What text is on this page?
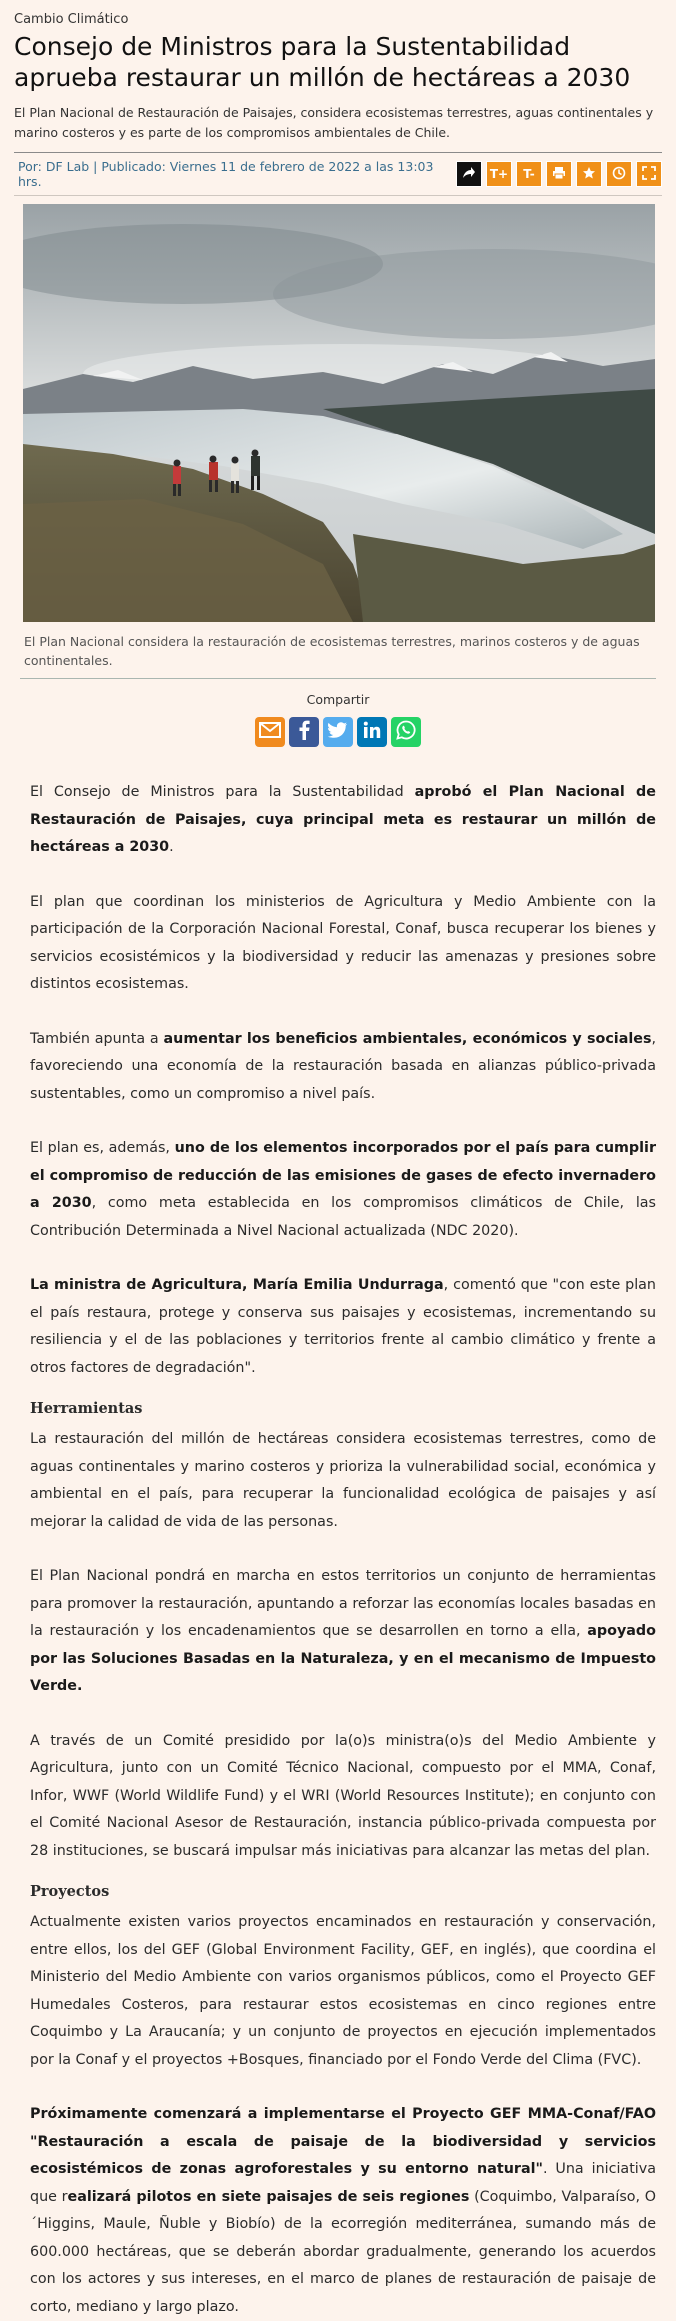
Cambio Climático

Consejo de Ministros para la Sustentabilidad aprueba restaurar un millón de hectáreas a 2030

El Plan Nacional de Restauración de Paisajes, considera ecosistemas terrestres, aguas continentales y marino costeros y es parte de los compromisos ambientales de Chile.

Por: DF Lab | Publicado: Viernes 11 de febrero de 2022 a las 13:03 hrs.	T+	T-

El Plan Nacional considera la restauración de ecosistemas terrestres, marinos costeros y de aguas continentales.

Compartir

El Consejo de Ministros para la Sustentabilidad aprobó el Plan Nacional de Restauración de Paisajes, cuya principal meta es restaurar un millón de hectáreas a 2030.

El plan que coordinan los ministerios de Agricultura y Medio Ambiente con la participación de la Corporación Nacional Forestal, Conaf, busca recuperar los bienes y servicios ecosistémicos y la biodiversidad y reducir las amenazas y presiones sobre distintos ecosistemas.

También apunta a aumentar los beneficios ambientales, económicos y sociales, favoreciendo una economía de la restauración basada en alianzas público-privada sustentables, como un compromiso a nivel país.

El plan es, además, uno de los elementos incorporados por el país para cumplir el compromiso de reducción de las emisiones de gases de efecto invernadero a 2030, como meta establecida en los compromisos climáticos de Chile, las Contribución Determinada a Nivel Nacional actualizada (NDC 2020).

La ministra de Agricultura, María Emilia Undurraga, comentó que "con este plan el país restaura, protege y conserva sus paisajes y ecosistemas, incrementando su resiliencia y el de las poblaciones y territorios frente al cambio climático y frente a otros factores de degradación".

Herramientas

La restauración del millón de hectáreas considera ecosistemas terrestres, como de aguas continentales y marino costeros y prioriza la vulnerabilidad social, económica y ambiental en el país, para recuperar la funcionalidad ecológica de paisajes y así mejorar la calidad de vida de las personas.

El Plan Nacional pondrá en marcha en estos territorios un conjunto de herramientas para promover la restauración, apuntando a reforzar las economías locales basadas en la restauración y los encadenamientos que se desarrollen en torno a ella, apoyado por las Soluciones Basadas en la Naturaleza, y en el mecanismo de Impuesto Verde.

A través de un Comité presidido por la(o)s ministra(o)s del Medio Ambiente y Agricultura, junto con un Comité Técnico Nacional, compuesto por el MMA, Conaf, Infor, WWF (World Wildlife Fund) y el WRI (World Resources Institute); en conjunto con el Comité Nacional Asesor de Restauración, instancia público-privada compuesta por 28 instituciones, se buscará impulsar más iniciativas para alcanzar las metas del plan.

Proyectos

Actualmente existen varios proyectos encaminados en restauración y conservación, entre ellos, los del GEF (Global Environment Facility, GEF, en inglés), que coordina el Ministerio del Medio Ambiente con varios organismos públicos, como el Proyecto GEF Humedales Costeros, para restaurar estos ecosistemas en cinco regiones entre Coquimbo y La Araucanía; y un conjunto de proyectos en ejecución implementados por la Conaf y el proyectos +Bosques, financiado por el Fondo Verde del Clima (FVC).

Próximamente comenzará a implementarse el Proyecto GEF MMA-Conaf/FAO "Restauración a escala de paisaje de la biodiversidad y servicios ecosistémicos de zonas agroforestales y su entorno natural". Una iniciativa que realizará pilotos en siete paisajes de seis regiones (Coquimbo, Valparaíso, O´Higgins, Maule, Ñuble y Biobío) de la ecorregión mediterránea, sumando más de 600.000 hectáreas, que se deberán abordar gradualmente, generando los acuerdos con los actores y sus intereses, en el marco de planes de restauración de paisaje de corto, mediano y largo plazo.
